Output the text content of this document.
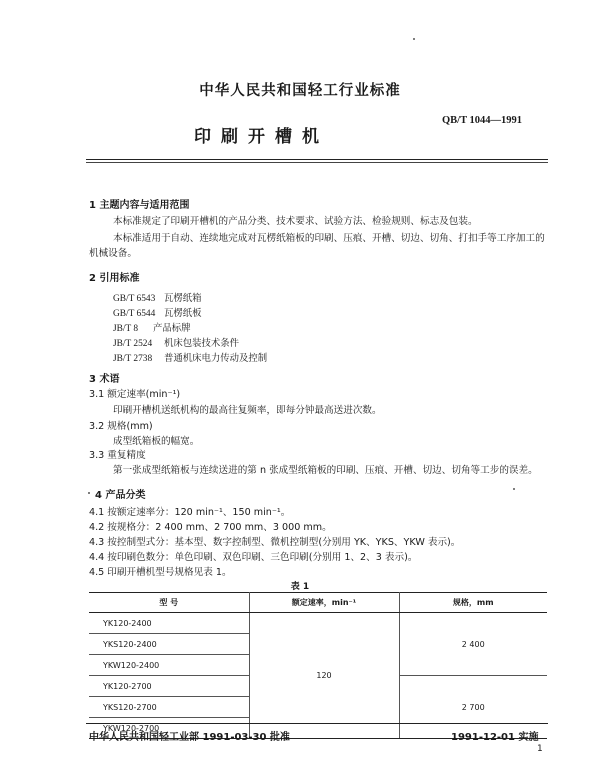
中华人民共和国轻工行业标准
QB/T 1044—1991
印刷开槽机
1 主题内容与适用范围
本标准规定了印刷开槽机的产品分类、技术要求、试验方法、检验规则、标志及包装。
本标准适用于自动、连续地完成对瓦楞纸箱板的印刷、压痕、开槽、切边、切角、打扣手等工序加工的
机械设备。
2 引用标准
GB/T 6543 瓦楞纸箱
GB/T 6544 瓦楞纸板
JB/T 8 产品标牌
JB/T 2524 机床包装技术条件
JB/T 2738 普通机床电力传动及控制
3 术语
3.1 额定速率(min⁻¹)
印刷开槽机送纸机构的最高往复频率，即每分钟最高送进次数。
3.2 规格(mm)
成型纸箱板的幅宽。
3.3 重复精度
第一张成型纸箱板与连续送进的第 n 张成型纸箱板的印刷、压痕、开槽、切边、切角等工步的误差。
4 产品分类
4.1 按额定速率分：120 min⁻¹、150 min⁻¹。
4.2 按规格分：2 400 mm、2 700 mm、3 000 mm。
4.3 按控制型式分：基本型、数字控制型、微机控制型(分别用 YK、YKS、YKW 表示)。
4.4 按印刷色数分：单色印刷、双色印刷、三色印刷(分别用 1、2、3 表示)。
4.5 印刷开槽机型号规格见表 1。
表 1
型 号	额定速率，min⁻¹	规格，mm
YK120-2400	120	2 400
YKS120-2400		
YKW120-2400		
YK120-2700		2 700
YKS120-2700		
YKW120-2700		
中华人民共和国轻工业部 1991-03-30 批准	1991-12-01 实施
1
